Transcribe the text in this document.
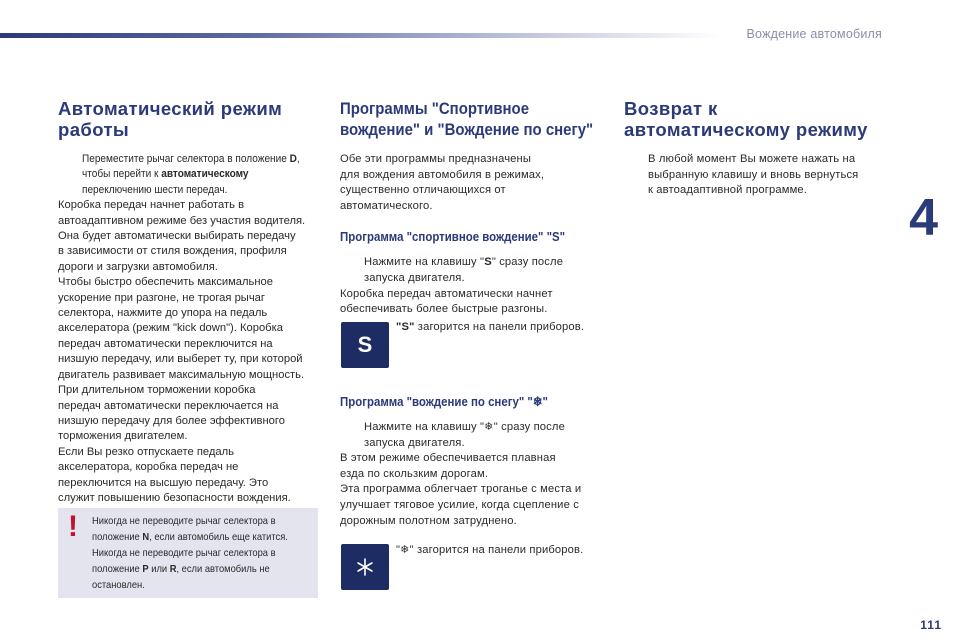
Вождение автомобиля
4
111
Автоматический режим
работы
Переместите рычаг селектора в положение D,
чтобы перейти к автоматическому
переключению шести передач.
Коробка передач начнет работать в
автоадаптивном режиме без участия водителя.
Она будет автоматически выбирать передачу
в зависимости от стиля вождения, профиля
дороги и загрузки автомобиля.
Чтобы быстро обеспечить максимальное
ускорение при разгоне, не трогая рычаг
селектора, нажмите до упора на педаль
акселератора (режим "kick down"). Коробка
передач автоматически переключится на
низшую передачу, или выберет ту, при которой
двигатель развивает максимальную мощность.
При длительном торможении коробка
передач автоматически переключается на
низшую передачу для более эффективного
торможения двигателем.
Если Вы резко отпускаете педаль
акселератора, коробка передач не
переключится на высшую передачу. Это
служит повышению безопасности вождения.
! Никогда не переводите рычаг селектора в
положение N, если автомобиль еще катится.
Никогда не переводите рычаг селектора в
положение P или R, если автомобиль не
остановлен.
Программы "Спортивное
вождение" и "Вождение по снегу"
Обе эти программы предназначены
для вождения автомобиля в режимах,
существенно отличающихся от
автоматического.
Программа "спортивное вождение" "S"
Нажмите на клавишу "S" сразу после
запуска двигателя.
Коробка передач автоматически начнет
обеспечивать более быстрые разгоны.
S
"S" загорится на панели приборов.
Программа "вождение по снегу" "❄"
Нажмите на клавишу "❄" сразу после
запуска двигателя.
В этом режиме обеспечивается плавная
езда по скользким дорогам.
Эта программа облегчает троганье с места и
улучшает тяговое усилие, когда сцепление с
дорожным полотном затруднено.
"❄" загорится на панели приборов.
Возврат к
автоматическому режиму
В любой момент Вы можете нажать на
выбранную клавишу и вновь вернуться
к автоадаптивной программе.
